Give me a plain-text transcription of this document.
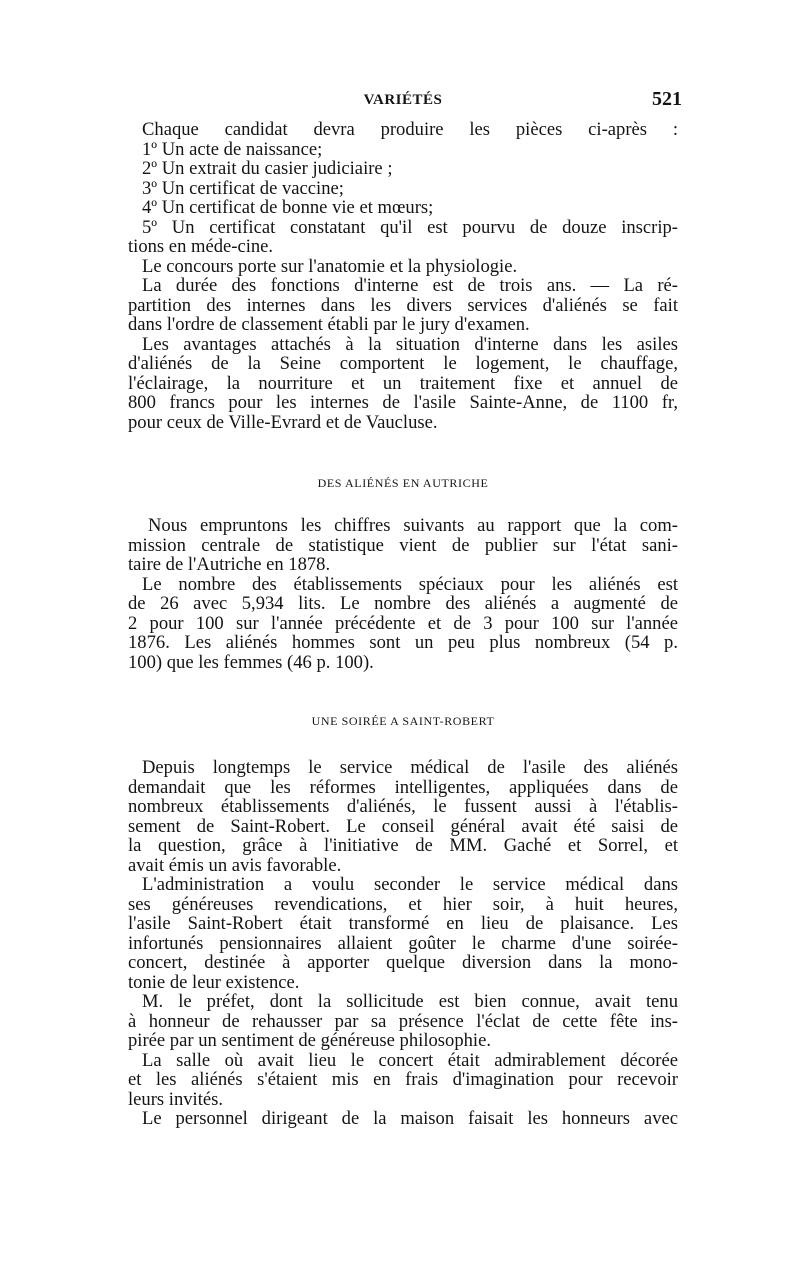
VARIÉTÉS	521
Chaque candidat devra produire les pièces ci-après :
1º Un acte de naissance;
2º Un extrait du casier judiciaire ;
3º Un certificat de vaccine;
4º Un certificat de bonne vie et mœurs;
5º Un certificat constatant qu'il est pourvu de douze inscrip-
tions en méde-cine.
Le concours porte sur l'anatomie et la physiologie.
La durée des fonctions d'interne est de trois ans. — La ré-
partition des internes dans les divers services d'aliénés se fait
dans l'ordre de classement établi par le jury d'examen.
Les avantages attachés à la situation d'interne dans les asiles
d'aliénés de la Seine comportent le logement, le chauffage,
l'éclairage, la nourriture et un traitement fixe et annuel de
800 francs pour les internes de l'asile Sainte-Anne, de 1100 fr,
pour ceux de Ville-Evrard et de Vaucluse.
DES ALIÉNÉS EN AUTRICHE
Nous empruntons les chiffres suivants au rapport que la com-
mission centrale de statistique vient de publier sur l'état sani-
taire de l'Autriche en 1878.
Le nombre des établissements spéciaux pour les aliénés est
de 26 avec 5,934 lits. Le nombre des aliénés a augmenté de
2 pour 100 sur l'année précédente et de 3 pour 100 sur l'année
1876. Les aliénés hommes sont un peu plus nombreux (54 p.
100) que les femmes (46 p. 100).
UNE SOIRÉE A SAINT-ROBERT
Depuis longtemps le service médical de l'asile des aliénés
demandait que les réformes intelligentes, appliquées dans de
nombreux établissements d'aliénés, le fussent aussi à l'établis-
sement de Saint-Robert. Le conseil général avait été saisi de
la question, grâce à l'initiative de MM. Gaché et Sorrel, et
avait émis un avis favorable.
L'administration a voulu seconder le service médical dans
ses généreuses revendications, et hier soir, à huit heures,
l'asile Saint-Robert était transformé en lieu de plaisance. Les
infortunés pensionnaires allaient goûter le charme d'une soirée-
concert, destinée à apporter quelque diversion dans la mono-
tonie de leur existence.
M. le préfet, dont la sollicitude est bien connue, avait tenu
à honneur de rehausser par sa présence l'éclat de cette fête ins-
pirée par un sentiment de généreuse philosophie.
La salle où avait lieu le concert était admirablement décorée
et les aliénés s'étaient mis en frais d'imagination pour recevoir
leurs invités.
Le personnel dirigeant de la maison faisait les honneurs avec
